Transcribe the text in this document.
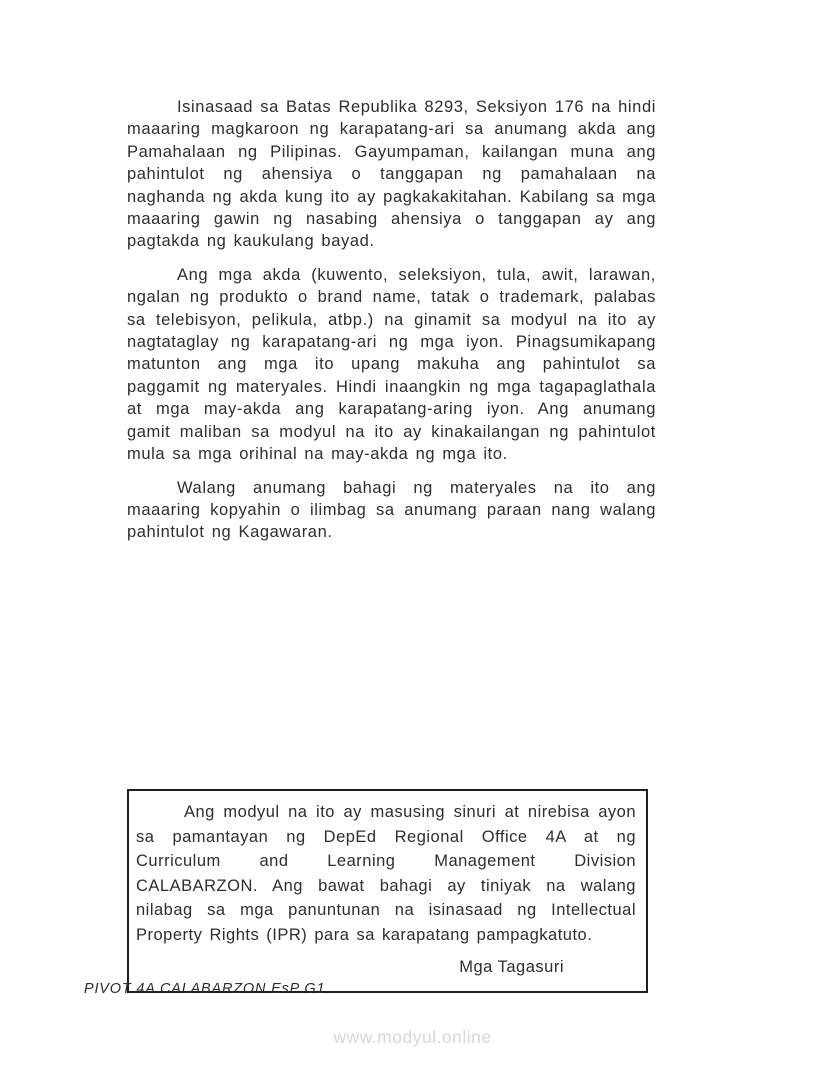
Isinasaad sa Batas Republika 8293, Seksiyon 176 na hindi maaaring magkaroon ng karapatang-ari sa anumang akda ang Pamahalaan ng Pilipinas. Gayumpaman, kailangan muna ang pahintulot ng ahensiya o tanggapan ng pamahalaan na naghanda ng akda kung ito ay pagkakakitahan. Kabilang sa mga maaaring gawin ng nasabing ahensiya o tanggapan ay ang pagtakda ng kaukulang bayad.

Ang mga akda (kuwento, seleksiyon, tula, awit, larawan, ngalan ng produkto o brand name, tatak o trademark, palabas sa telebisyon, pelikula, atbp.) na ginamit sa modyul na ito ay nagtataglay ng karapatang-ari ng mga iyon. Pinagsumikapang matunton ang mga ito upang makuha ang pahintulot sa paggamit ng materyales. Hindi inaangkin ng mga tagapaglathala at mga may-akda ang karapatang-aring iyon. Ang anumang gamit maliban sa modyul na ito ay kinakailangan ng pahintulot mula sa mga orihinal na may-akda ng mga ito.

Walang anumang bahagi ng materyales na ito ang maaaring kopyahin o ilimbag sa anumang paraan nang walang pahintulot ng Kagawaran.

Ang modyul na ito ay masusing sinuri at nirebisa ayon sa pamantayan ng DepEd Regional Office 4A at ng Curriculum and Learning Management Division CALABARZON. Ang bawat bahagi ay tiniyak na walang nilabag sa mga panuntunan na isinasaad ng Intellectual Property Rights (IPR) para sa karapatang pampagkatuto.

Mga Tagasuri

PIVOT 4A CALABARZON EsP G1
www.modyul.online
